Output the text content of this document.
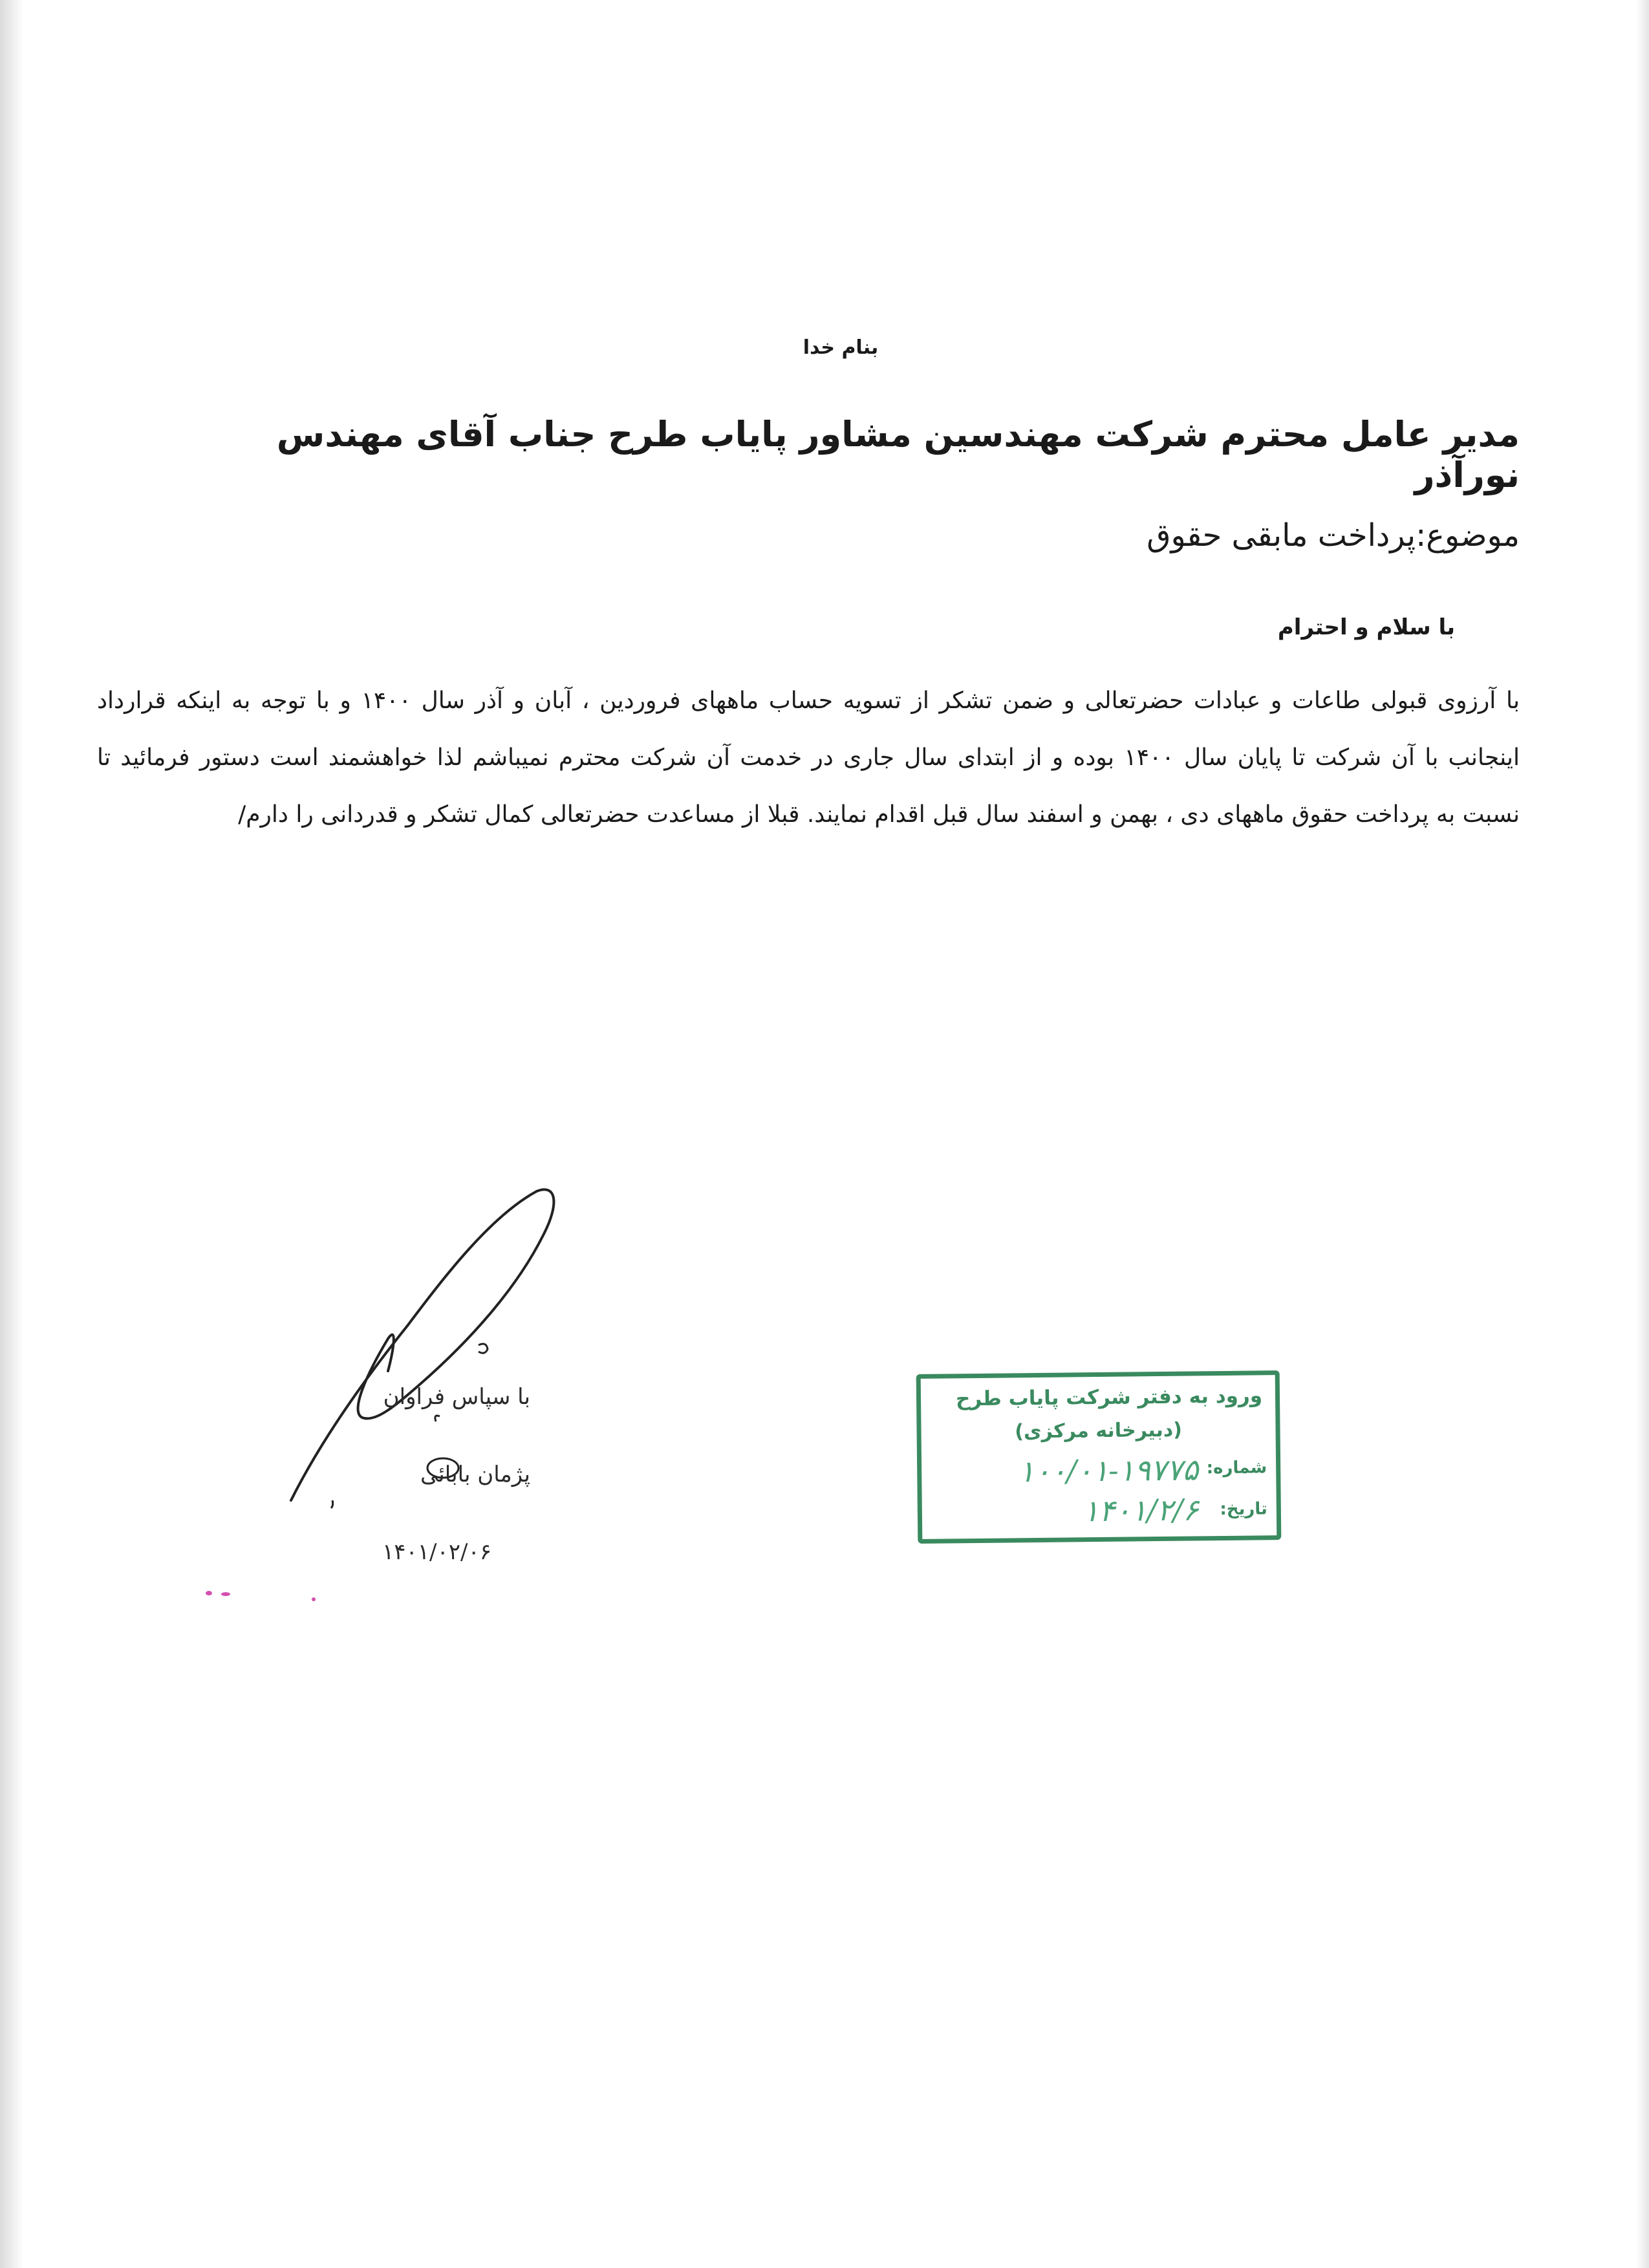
بنام خدا
مدیر عامل محترم شرکت مهندسین مشاور پایاب طرح جناب آقای مهندس نورآذر
موضوع:پرداخت مابقی حقوق
با سلام و احترام
با آرزوی قبولی طاعات و عبادات حضرتعالی و ضمن تشکر از تسویه حساب ماههای فروردین ، آبان و آذر سال ۱۴۰۰ و با توجه به اینکه قرارداد اینجانب با آن شرکت تا پایان سال ۱۴۰۰ بوده و از ابتدای سال جاری در خدمت آن شرکت محترم نمیباشم لذا خواهشمند است دستور فرمائید تا نسبت به پرداخت حقوق ماههای دی ، بهمن و اسفند سال قبل اقدام نمایند. قبلا از مساعدت حضرتعالی کمال تشکر و قدردانی را دارم/
با سپاس فراوان
پژمان بابائی
۱۴۰۱/۰۲/۰۶
ورود به دفتر شرکت پایاب طرح
(دبیرخانه مرکزی)
شماره:
۱۰۰/۰۱-۱۹۷۷۵
تاریخ:
۱۴۰۱/۲/۶
